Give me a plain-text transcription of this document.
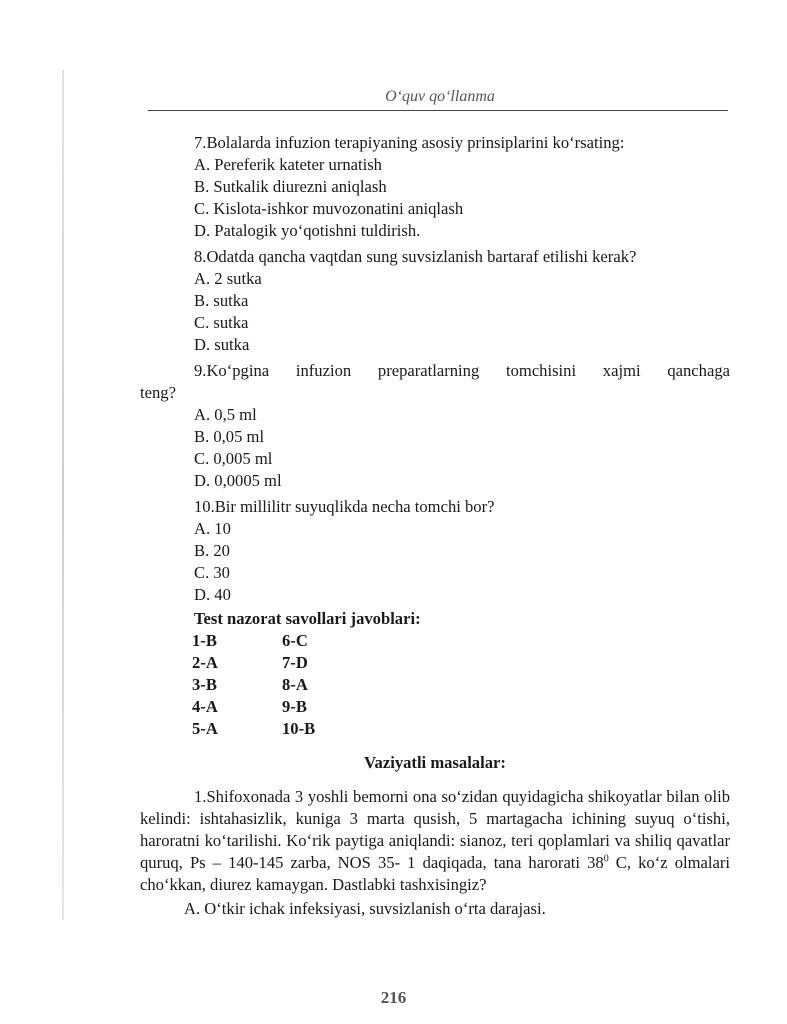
O‘quv qo‘llanma
7.Bolalarda infuzion terapiyaning asosiy prinsiplarini ko‘rsating:
A. Pereferik kateter urnatish
B. Sutkalik diurezni aniqlash
C. Kislota-ishkor muvozonatini aniqlash
D. Patalogik yo‘qotishni tuldirish.
8.Odatda qancha vaqtdan sung suvsizlanish bartaraf etilishi kerak?
A. 2 sutka
B. sutka
C. sutka
D. sutka
9.Ko‘pgina infuzion preparatlarning tomchisini xajmi qanchaga
teng?
A. 0,5 ml
B. 0,05 ml
C. 0,005 ml
D. 0,0005 ml
10.Bir millilitr suyuqlikda necha tomchi bor?
A. 10
B. 20
C. 30
D. 40
Test nazorat savollari javoblari:
1-B	6-C
2-A	7-D
3-B	8-A
4-A	9-B
5-A	10-B
Vaziyatli masalalar:
1.Shifoxonada 3 yoshli bemorni ona so‘zidan quyidagicha shikoyatlar bilan olib kelindi: ishtahasizlik, kuniga 3 marta qusish, 5 martagacha ichining suyuq o‘tishi, haroratni ko‘tarilishi. Ko‘rik paytiga aniqlandi: sianoz, teri qoplamlari va shiliq qavatlar quruq, Ps – 140-145 zarba, NOS 35- 1 daqiqada, tana harorati $38^0$ C, ko‘z olmalari cho‘kkan, diurez kamaygan. Dastlabki tashxisingiz?
A. O‘tkir ichak infeksiyasi, suvsizlanish o‘rta darajasi.
216
